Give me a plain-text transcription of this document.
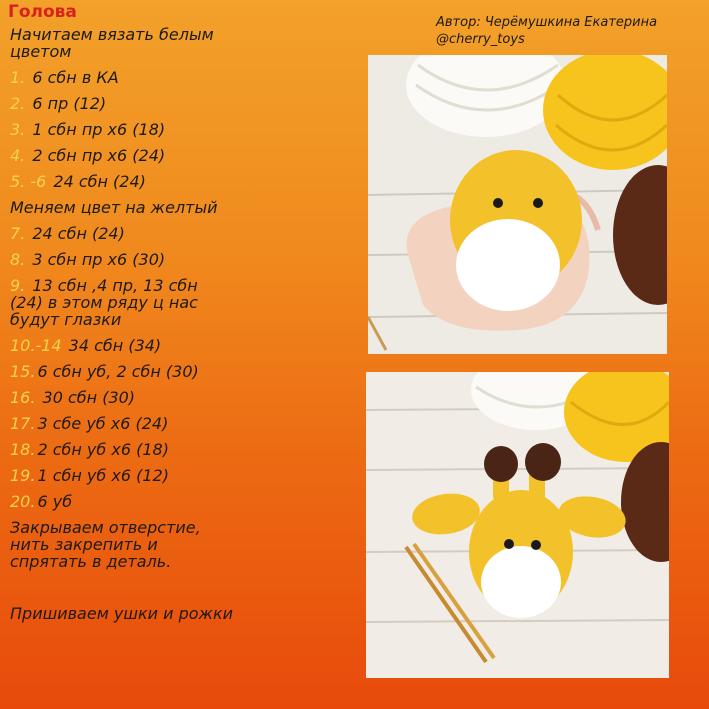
Голова
Автор: Черёмушкина Екатерина
@cherry_toys

Начитаем вязать белым

цветом

1. 6 сбн в КА

2. 6 пр (12)

3. 1 сбн пр х6 (18)

4. 2 сбн пр х6 (24)

5. -6 24 сбн (24)

Меняем цвет на желтый

7. 24 сбн (24)

8. 3 сбн пр х6 (30)

9. 13 сбн ,4 пр, 13 сбн

(24) в этом ряду ц нас

будут глазки

10.-14 34 сбн (34)

15. 6 сбн уб, 2 сбн (30)

16. 30 сбн (30)

17. 3 сбе уб х6 (24)

18. 2 сбн уб х6 (18)

19. 1 сбн уб х6 (12)

20. 6 уб

Закрываем отверстие,

нить закрепить и

спрятать в деталь.

Пришиваем ушки и рожки
